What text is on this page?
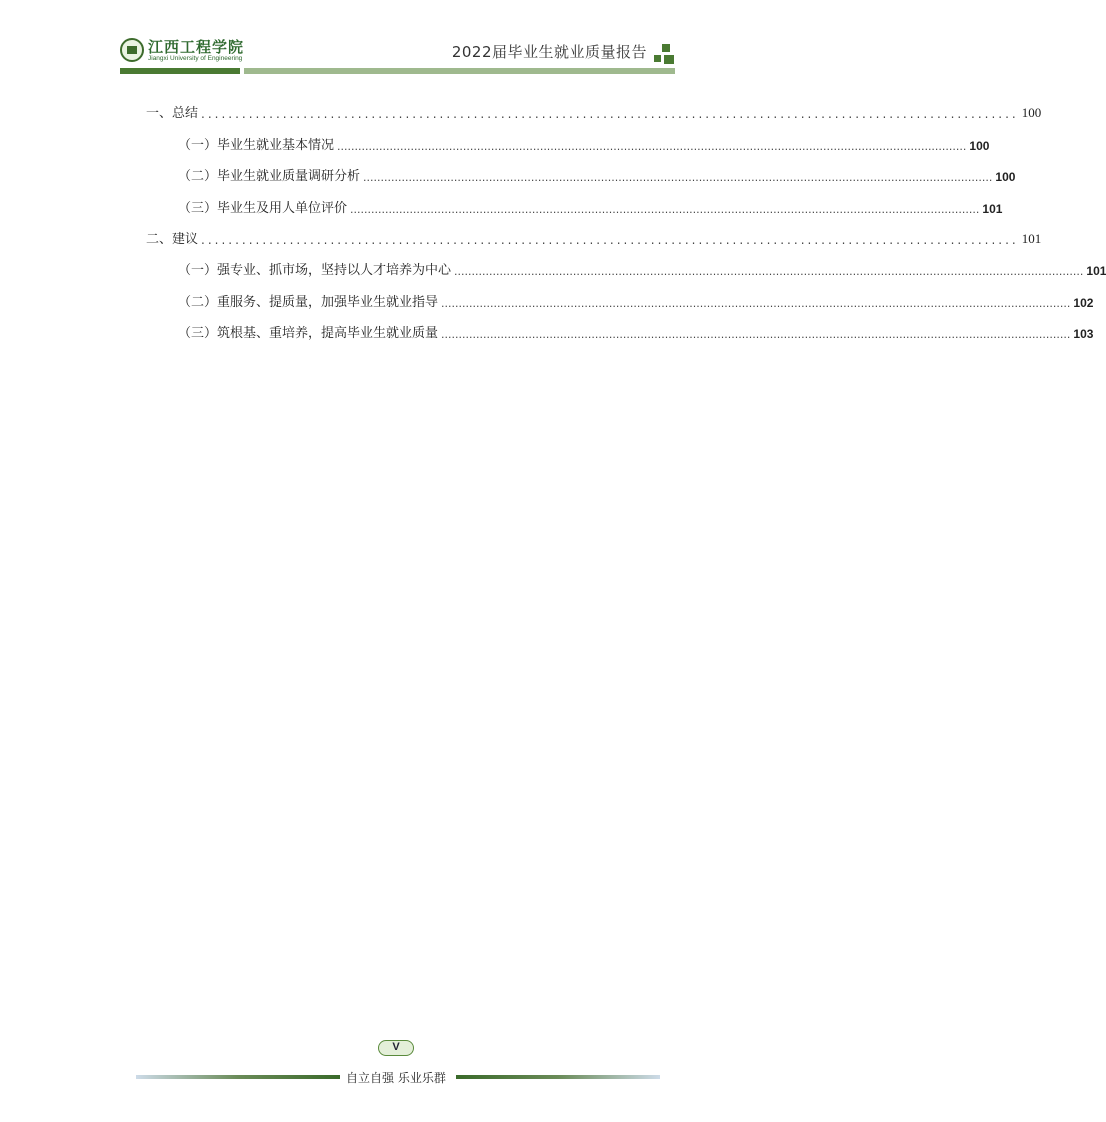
江西工程学院
Jiangxi University of Engineering	2022届毕业生就业质量报告
一、总结 ........................................................................................................................ 100
（一）毕业生就业基本情况 .................................................................................................................................................................................... 100
（二）毕业生就业质量调研分析 .................................................................................................................................................................................... 100
（三）毕业生及用人单位评价 .................................................................................................................................................................................... 101
二、建议 ........................................................................................................................ 101
（一）强专业、抓市场，坚持以人才培养为中心 .................................................................................................................................................................................... 101
（二）重服务、提质量，加强毕业生就业指导 .................................................................................................................................................................................... 102
（三）筑根基、重培养，提高毕业生就业质量 .................................................................................................................................................................................... 103
V
自立自强 乐业乐群
